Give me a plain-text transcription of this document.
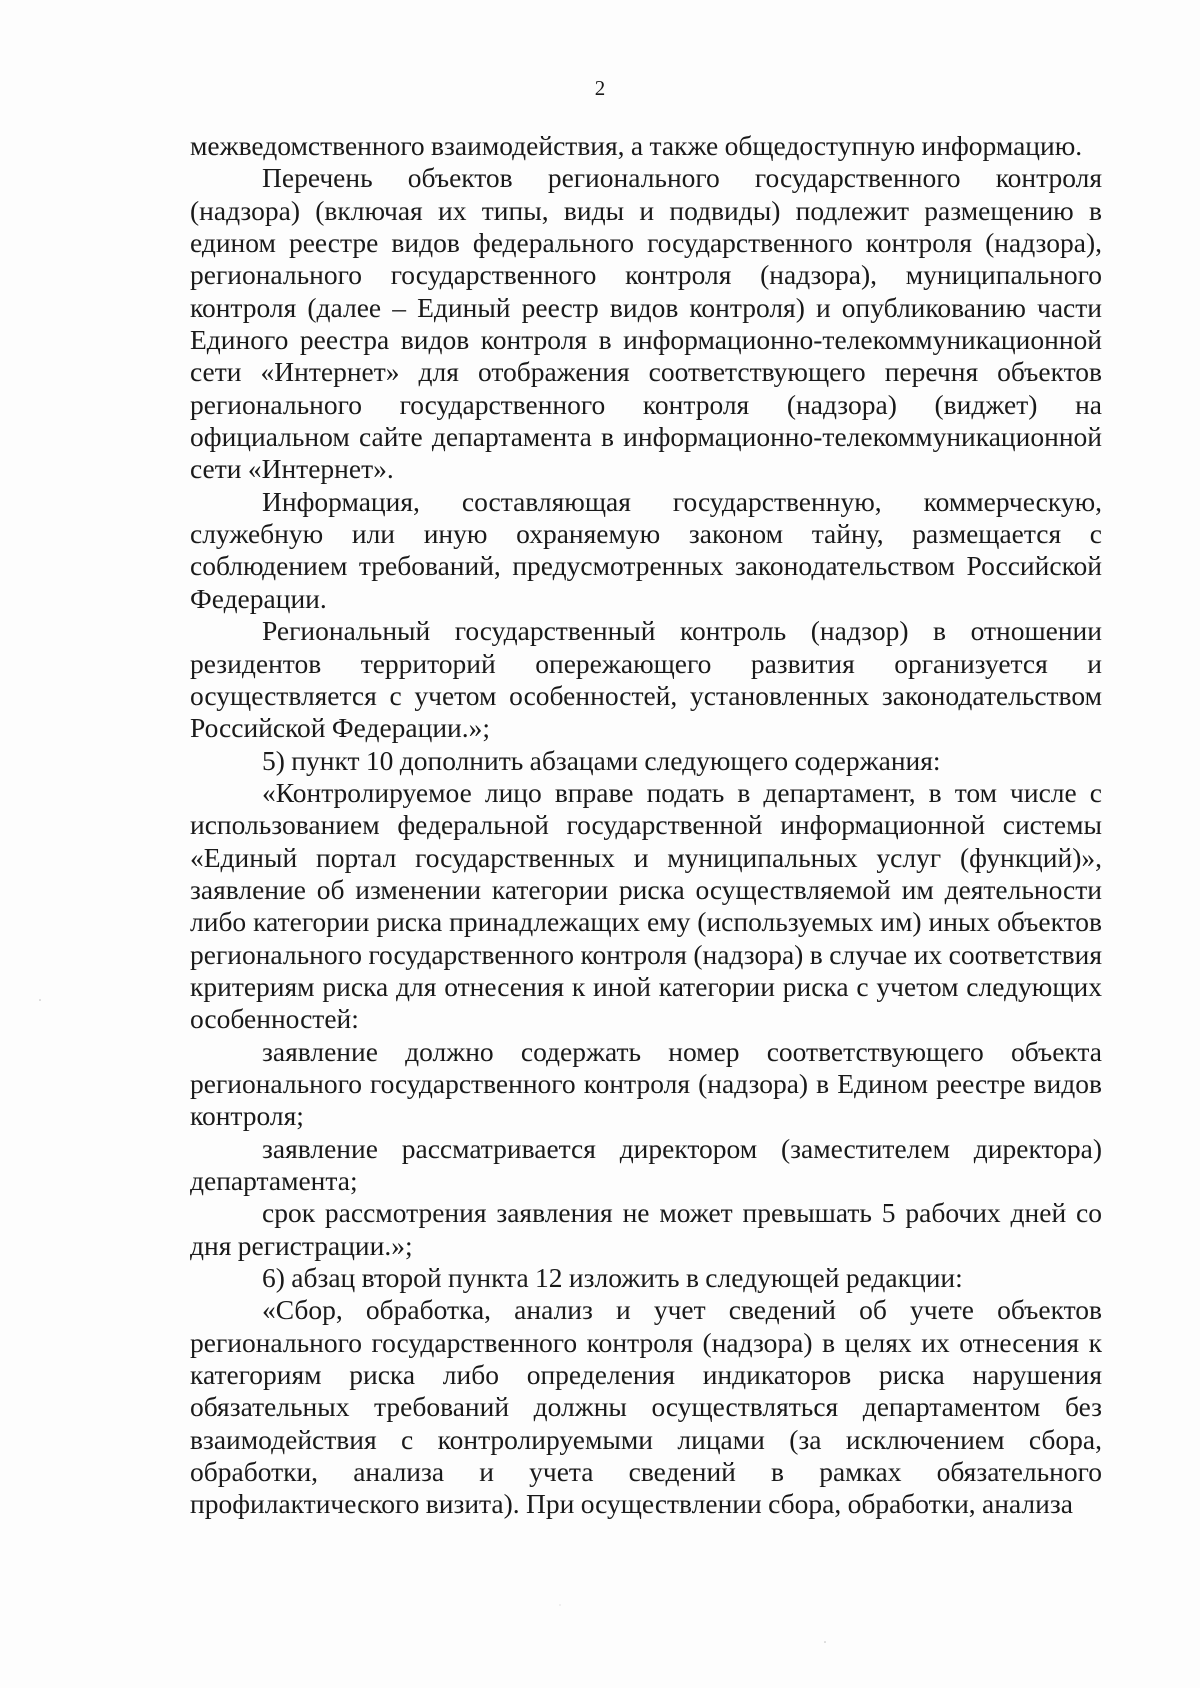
2

межведомственного взаимодействия, а также общедоступную информацию.

Перечень объектов регионального государственного контроля (надзора) (включая их типы, виды и подвиды) подлежит размещению в едином реестре видов федерального государственного контроля (надзора), регионального государственного контроля (надзора), муниципального контроля (далее – Единый реестр видов контроля) и опубликованию части Единого реестра видов контроля в информационно-телекоммуникационной сети «Интернет» для отображения соответствующего перечня объектов регионального государственного контроля (надзора) (виджет) на официальном сайте департамента в информационно-телекоммуникационной сети «Интернет».

Информация, составляющая государственную, коммерческую, служебную или иную охраняемую законом тайну, размещается с соблюдением требований, предусмотренных законодательством Российской Федерации.

Региональный государственный контроль (надзор) в отношении резидентов территорий опережающего развития организуется и осуществляется с учетом особенностей, установленных законодательством Российской Федерации.»;

5) пункт 10 дополнить абзацами следующего содержания:

«Контролируемое лицо вправе подать в департамент, в том числе с использованием федеральной государственной информационной системы «Единый портал государственных и муниципальных услуг (функций)», заявление об изменении категории риска осуществляемой им деятельности либо категории риска принадлежащих ему (используемых им) иных объектов регионального государственного контроля (надзора) в случае их соответствия критериям риска для отнесения к иной категории риска с учетом следующих особенностей:

заявление должно содержать номер соответствующего объекта регионального государственного контроля (надзора) в Едином реестре видов контроля;

заявление рассматривается директором (заместителем директора) департамента;

срок рассмотрения заявления не может превышать 5 рабочих дней со дня регистрации.»;

6) абзац второй пункта 12 изложить в следующей редакции:

«Сбор, обработка, анализ и учет сведений об учете объектов регионального государственного контроля (надзора) в целях их отнесения к категориям риска либо определения индикаторов риска нарушения обязательных требований должны осуществляться департаментом без взаимодействия с контролируемыми лицами (за исключением сбора, обработки, анализа и учета сведений в рамках обязательного профилактического визита). При осуществлении сбора, обработки, анализа
